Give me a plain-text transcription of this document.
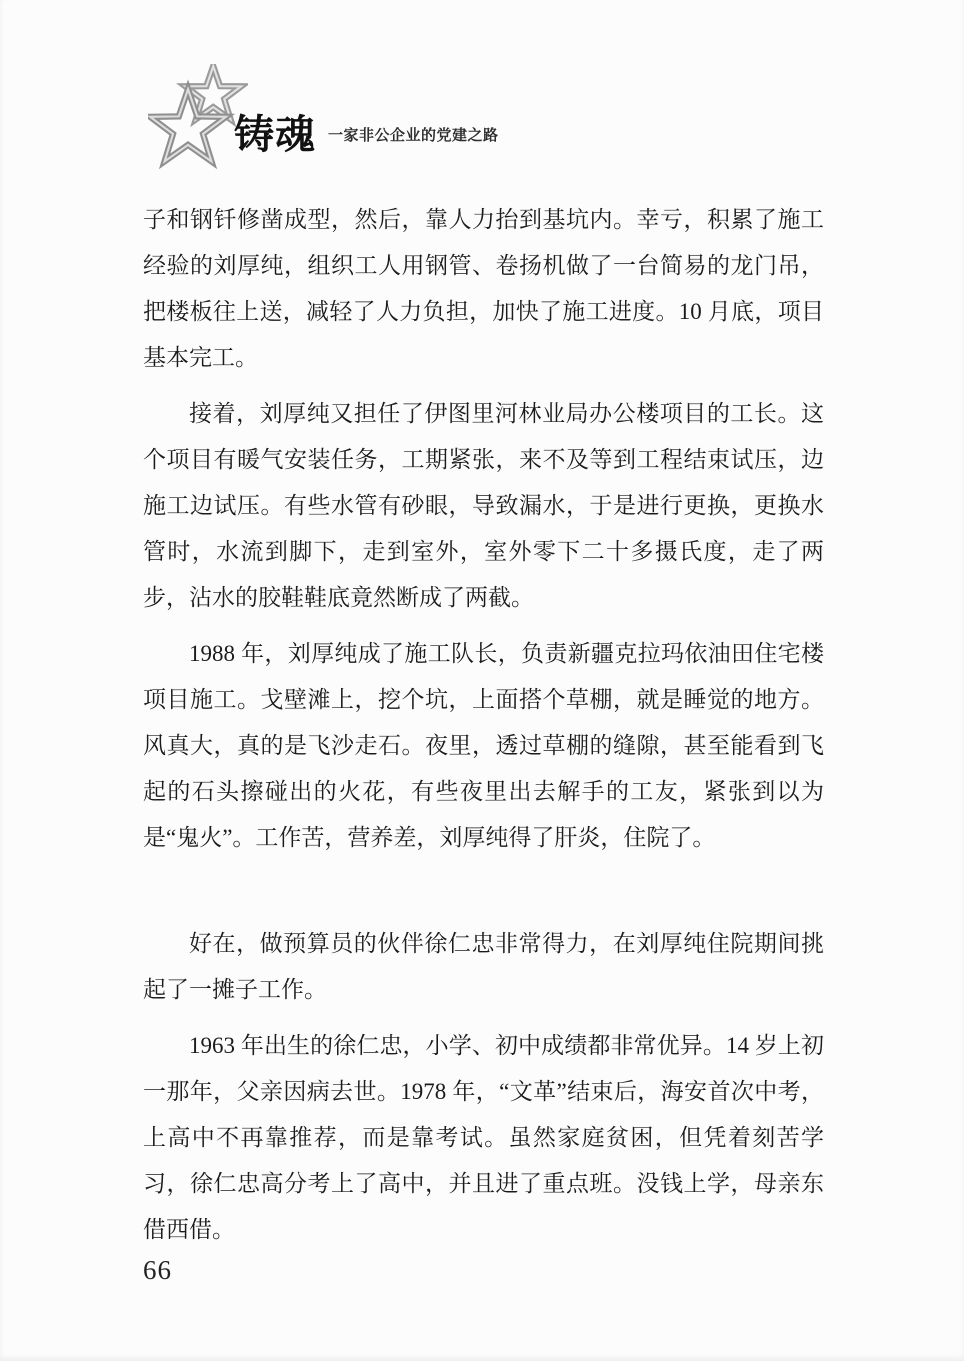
铸魂 一家非公企业的党建之路

子和钢钎修凿成型，然后，靠人力抬到基坑内。幸亏，积累了施工经验的刘厚纯，组织工人用钢管、卷扬机做了一台简易的龙门吊，把楼板往上送，减轻了人力负担，加快了施工进度。10 月底，项目基本完工。

接着，刘厚纯又担任了伊图里河林业局办公楼项目的工长。这个项目有暖气安装任务，工期紧张，来不及等到工程结束试压，边施工边试压。有些水管有砂眼，导致漏水，于是进行更换，更换水管时，水流到脚下，走到室外，室外零下二十多摄氏度，走了两步，沾水的胶鞋鞋底竟然断成了两截。

1988 年，刘厚纯成了施工队长，负责新疆克拉玛依油田住宅楼项目施工。戈壁滩上，挖个坑，上面搭个草棚，就是睡觉的地方。风真大，真的是飞沙走石。夜里，透过草棚的缝隙，甚至能看到飞起的石头擦碰出的火花，有些夜里出去解手的工友，紧张到以为是“鬼火”。工作苦，营养差，刘厚纯得了肝炎，住院了。

好在，做预算员的伙伴徐仁忠非常得力，在刘厚纯住院期间挑起了一摊子工作。

1963 年出生的徐仁忠，小学、初中成绩都非常优异。14 岁上初一那年，父亲因病去世。1978 年，“文革”结束后，海安首次中考，上高中不再靠推荐，而是靠考试。虽然家庭贫困，但凭着刻苦学习，徐仁忠高分考上了高中，并且进了重点班。没钱上学，母亲东借西借。

66
